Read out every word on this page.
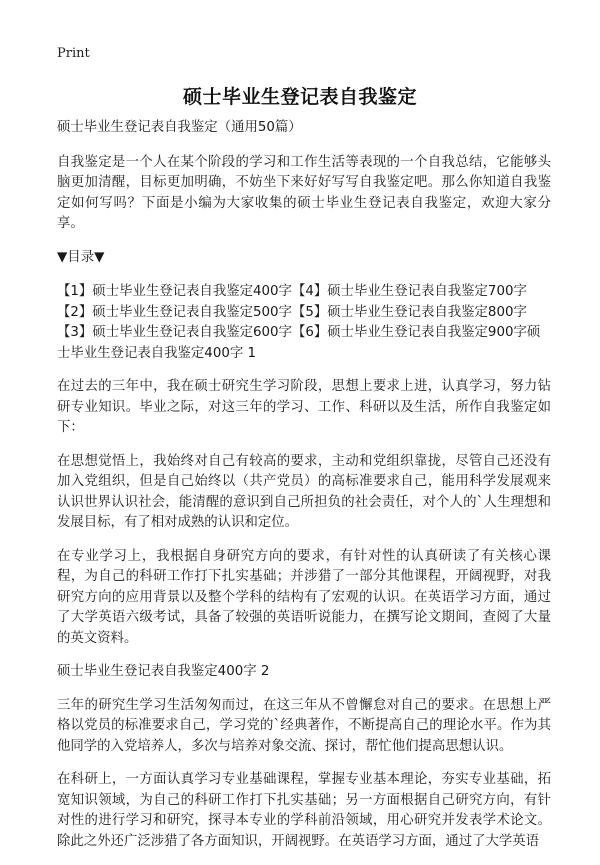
Print
硕士毕业生登记表自我鉴定

硕士毕业生登记表自我鉴定（通用50篇）

自我鉴定是一个人在某个阶段的学习和工作生活等表现的一个自我总结，它能够头脑更加清醒，目标更加明确，不妨坐下来好好写写自我鉴定吧。那么你知道自我鉴定如何写吗？下面是小编为大家收集的硕士毕业生登记表自我鉴定，欢迎大家分享。

▼目录▼

【1】硕士毕业生登记表自我鉴定400字【4】硕士毕业生登记表自我鉴定700字【2】硕士毕业生登记表自我鉴定500字【5】硕士毕业生登记表自我鉴定800字【3】硕士毕业生登记表自我鉴定600字【6】硕士毕业生登记表自我鉴定900字硕士毕业生登记表自我鉴定400字 1

在过去的三年中，我在硕士研究生学习阶段，思想上要求上进，认真学习，努力钻研专业知识。毕业之际，对这三年的学习、工作、科研以及生活，所作自我鉴定如下：

在思想觉悟上，我始终对自己有较高的要求，主动和党组织靠拢，尽管自己还没有加入党组织，但是自己始终以（共产党员）的高标准要求自己，能用科学发展观来认识世界认识社会，能清醒的意识到自己所担负的社会责任，对个人的`人生理想和发展目标，有了相对成熟的认识和定位。

在专业学习上，我根据自身研究方向的要求，有针对性的认真研读了有关核心课程，为自己的科研工作打下扎实基础；并涉猎了一部分其他课程，开阔视野，对我研究方向的应用背景以及整个学科的结构有了宏观的认识。在英语学习方面，通过了大学英语六级考试，具备了较强的英语听说能力，在撰写论文期间，查阅了大量的英文资料。

硕士毕业生登记表自我鉴定400字 2

三年的研究生学习生活匆匆而过，在这三年从不曾懈怠对自己的要求。在思想上严格以党员的标准要求自己，学习党的`经典著作，不断提高自己的理论水平。作为其他同学的入党培养人，多次与培养对象交流、探讨，帮忙他们提高思想认识。

在科研上，一方面认真学习专业基础课程，掌握专业基本理论，夯实专业基础，拓宽知识领域，为自己的科研工作打下扎实基础；另一方面根据自己研究方向，有针对性的进行学习和研究，探寻本专业的学科前沿领域，用心研究并发表学术论文。除此之外还广泛涉猎了各方面知识，开阔视野。在英语学习方面，通过了大学英语
